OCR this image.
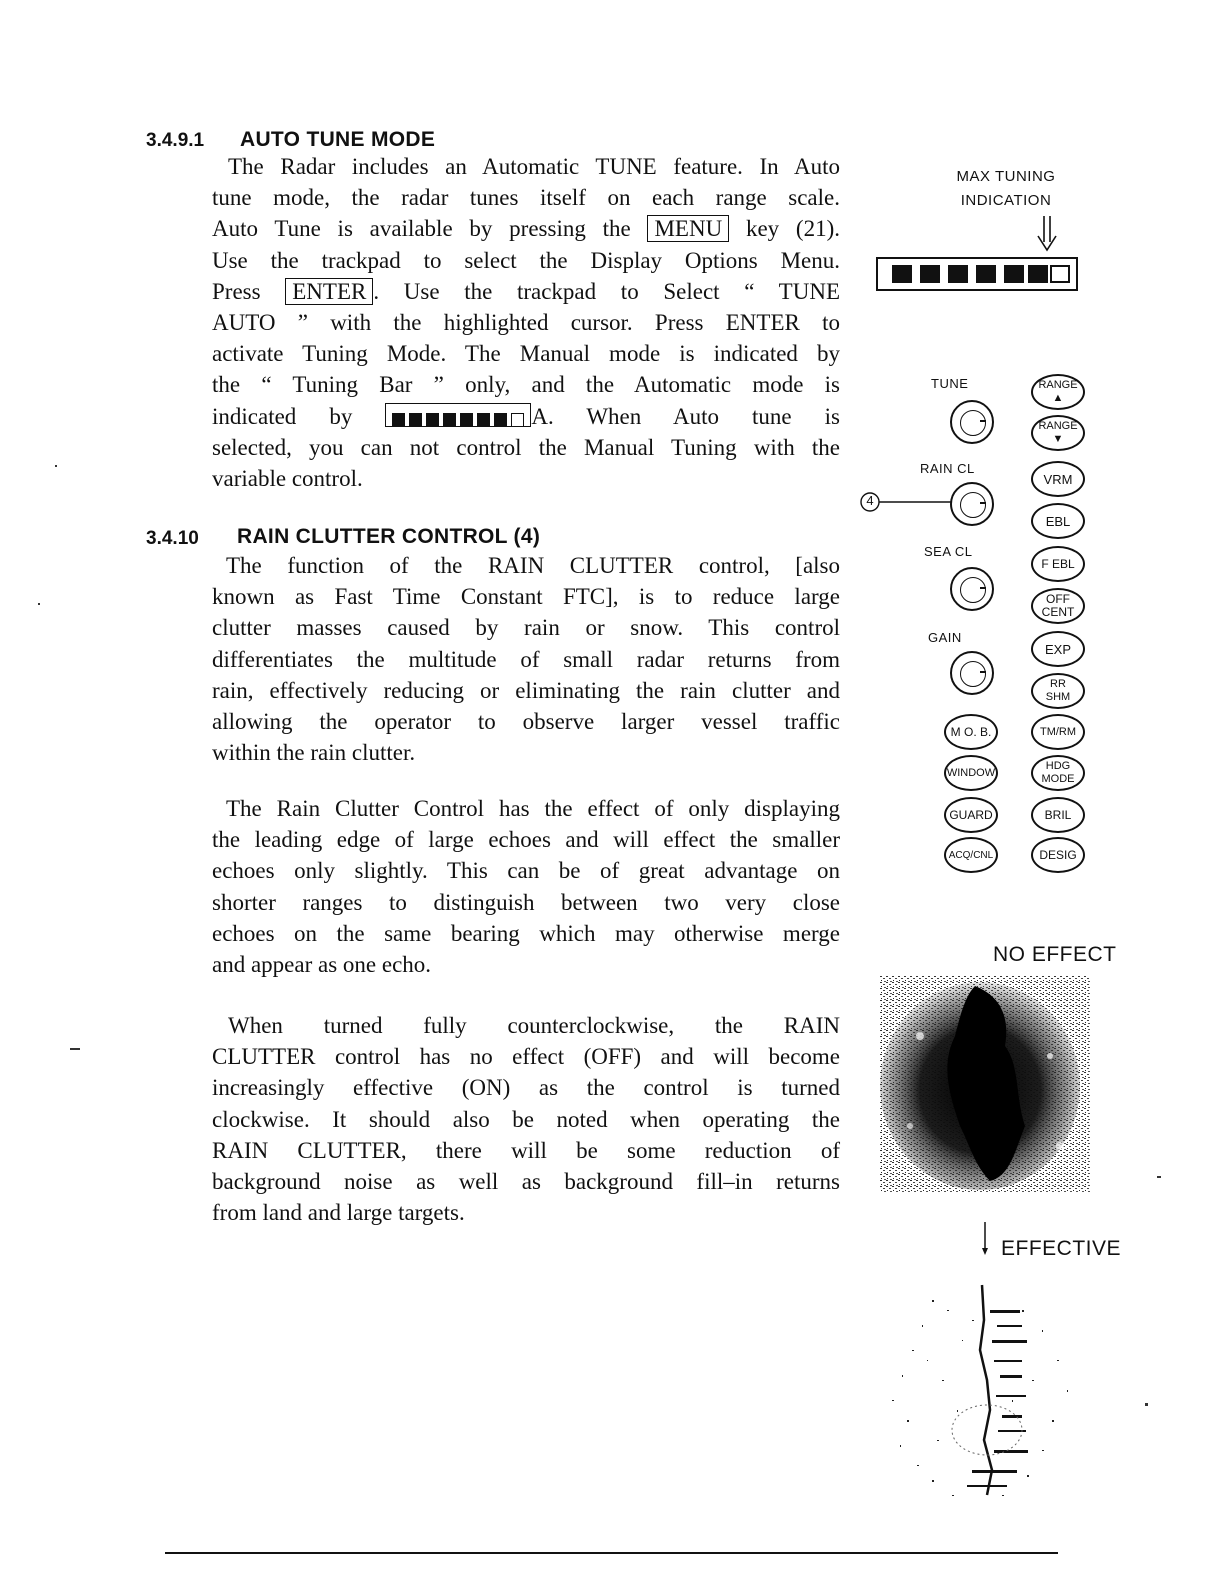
3.4.9.1 AUTO TUNE MODE
The Radar includes an Automatic TUNE feature. In Auto
tune mode, the radar tunes itself on each range scale.
Auto Tune is available by pressing the MENU key (21).
Use the trackpad to select the Display Options Menu.
Press ENTER . Use the trackpad to Select “ TUNE
AUTO ” with the highlighted cursor. Press ENTER to
activate Tuning Mode. The Manual mode is indicated by
the “ Tuning Bar ” only, and the Automatic mode is
indicated by	A. When Auto tune is
selected, you can not control the Manual Tuning with the
variable control.
3.4.10 RAIN CLUTTER CONTROL (4)
The function of the RAIN CLUTTER control, [also
known as Fast Time Constant FTC], is to reduce large
clutter masses caused by rain or snow. This control
differentiates the multitude of small radar returns from
rain, effectively reducing or eliminating the rain clutter and
allowing the operator to observe larger vessel traffic
within the rain clutter.
The Rain Clutter Control has the effect of only displaying
the leading edge of large echoes and will effect the smaller
echoes only slightly. This can be of great advantage on
shorter ranges to distinguish between two very close
echoes on the same bearing which may otherwise merge
and appear as one echo.
When turned fully counterclockwise, the RAIN
CLUTTER control has no effect (OFF) and will become
increasingly effective (ON) as the control is turned
clockwise. It should also be noted when operating the
RAIN CLUTTER, there will be some reduction of
background noise as well as background fill–in returns
from land and large targets.
MAX TUNING
INDICATION
TUNE
RAIN CL
4
SEA CL
GAIN
M O. B.
WINDOW
GUARD
ACQ/CNL
RANGE ▲
RANGE ▼
VRM
EBL
F EBL
OFF CENT
EXP
RR SHM
TM/RM
HDG MODE
BRIL
DESIG
NO EFFECT
EFFECTIVE
